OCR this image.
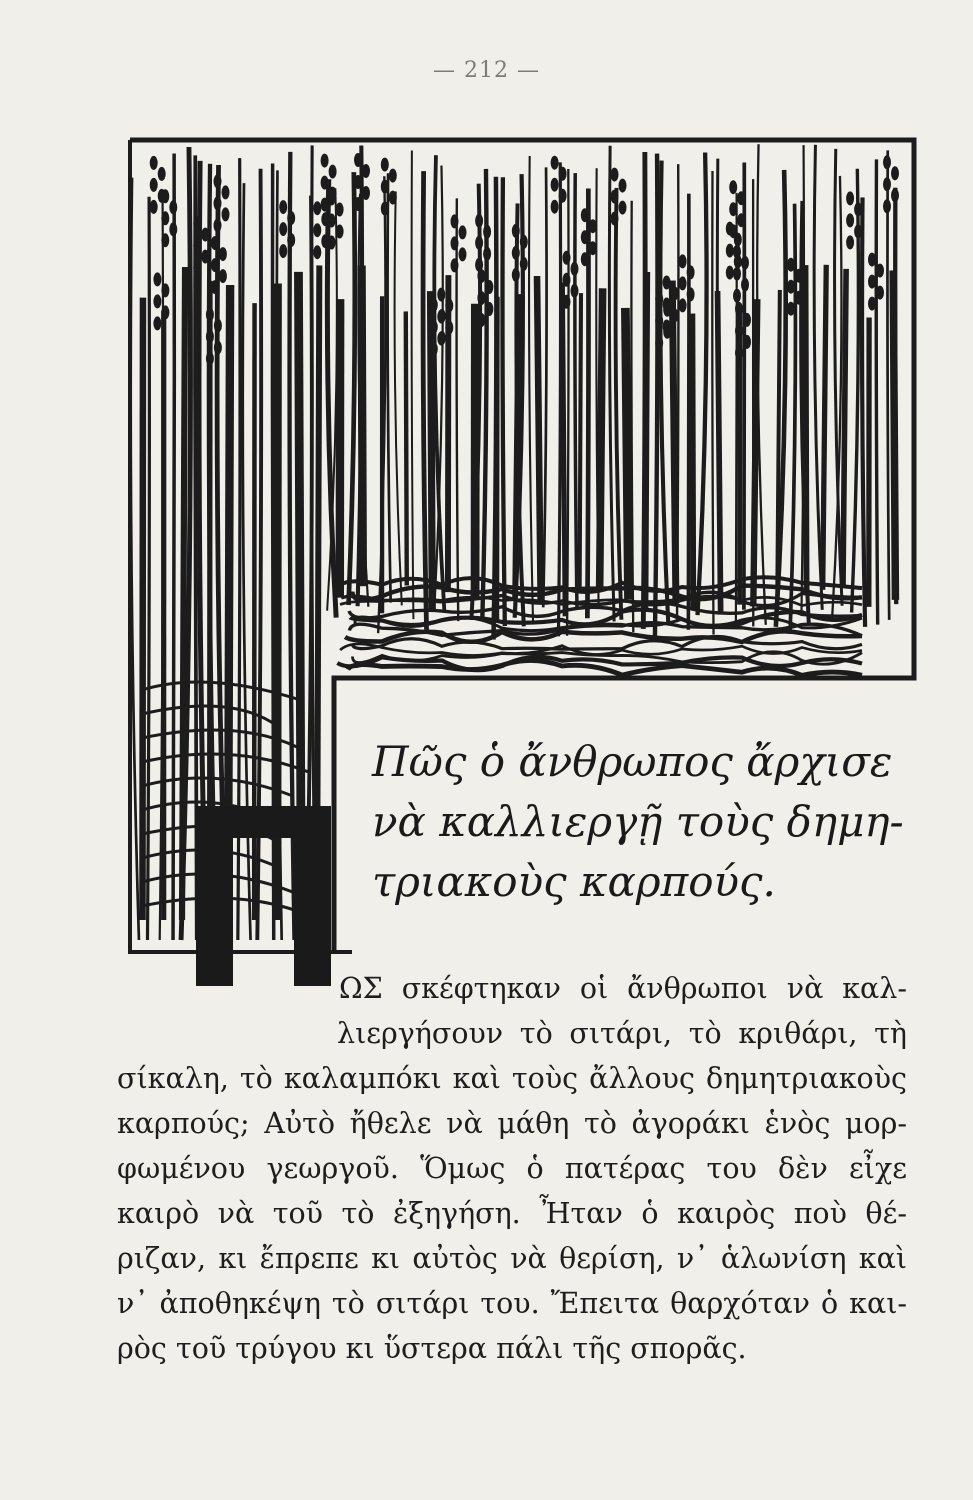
— 212 —
Πῶς ὁ ἄνθρωπος ἄρχισε
νὰ καλλιεργῇ τοὺς δημη-
τριακοὺς καρπούς.
ΩΣ σκέφτηκαν οἱ ἄνθρωποι νὰ καλ-
λιεργήσουν τὸ σιτάρι, τὸ κριθάρι, τὴ
σίκαλη, τὸ καλαμπόκι καὶ τοὺς ἄλλους δημητριακοὺς
καρπούς; Αὐτὸ ἤθελε νὰ μάθη τὸ ἀγοράκι ἑνὸς μορ-
φωμένου γεωργοῦ. Ὅμως ὁ πατέρας του δὲν εἶχε
καιρὸ νὰ τοῦ τὸ ἐξηγήση. Ἦταν ὁ καιρὸς ποὺ θέ-
ριζαν, κι ἔπρεπε κι αὐτὸς νὰ θερίση, ν᾽ ἁλωνίση καὶ
ν᾽ ἀποθηκέψη τὸ σιτάρι του. Ἔπειτα θαρχόταν ὁ και-
ρὸς τοῦ τρύγου κι ὕστερα πάλι τῆς σπορᾶς.
